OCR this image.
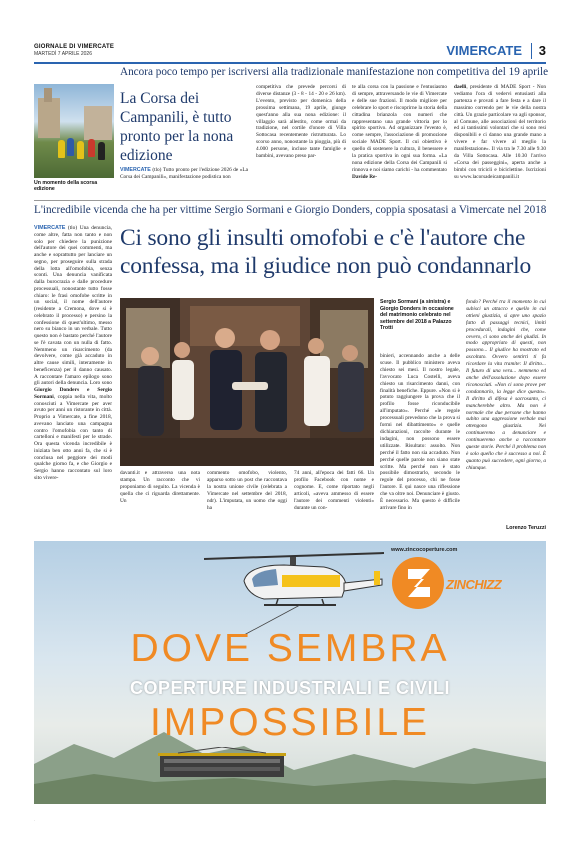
GIORNALE DI VIMERCATE
MARTEDÌ 7 APRILE 2026	VIMERCATE 3
Ancora poco tempo per iscriversi alla tradizionale manifestazione non competitiva del 19 aprile
Un momento della scorsa edizione
La Corsa dei Campanili, è tutto pronto per la nona edizione
VIMERCATE (tlo) Tutto pronto per l'edizione 2026 de «La Corsa dei Campanili», manifestazione podistica non
competitiva che prevede percorsi di diverse distanze (3 - 8 - 14 - 20 e 26 km). L'evento, previsto per domenica della prossima settimana, 19 aprile, giunge quest'anno alla sua nona edizione: il villaggio sarà allestito, come ormai da tradizione, nel cortile d'onore di Villa Sottocasa recentemente ristrutturata. Lo scorso anno, nonostante la pioggia, più di 4.000 persone, incluse tante famiglie e bambini, avevano preso par-
te alla corsa con la passione e l'entusiasmo di sempre, attraversando le vie di Vimercate e delle sue frazioni. Il modo migliore per celebrare lo sport e riscoprirne la storia della cittadina brianzola con numeri che rappresentano una grande vittoria per lo spirito sportivo. Ad organizzare l'evento è, come sempre, l'associazione di promozione sociale MADE Sport. Il cui obiettivo è quello di sostenere la cultura, il benessere e la pratica sportiva in ogni sua forma. «La nona edizione della Corsa dei Campanili si rinnova e noi siamo carichi - ha commentato Davide Re-
daelli, presidente di MADE Sport - Non vediamo l'ora di vedervi entusiasti alla partenza e provati a fare festa e a dare il massimo correndo per le vie della nostra città. Un grazie particolare va agli sponsor, al Comune, alle associazioni del territorio ed ai tantissimi volontari che si sono resi disponibili e ci danno una grande mano a vivere e far vivere al meglio la manifestazione». Il via tra le 7.30 alle 9.30 da Villa Sottocasa. Alle 10.30 l'arrivo «Corsa dei passeggini», aperta anche a bimbi con tricicli e biciclettine. Iscrizioni su www.lacorsadeicampanili.it
L'incredibile vicenda che ha per vittime Sergio Sormani e Giorgio Donders, coppia sposatasi a Vimercate nel 2018
VIMERCATE (tlo) Una denuncia, come altre, fatta non tanto e non solo per chiedere la punizione dell'autore dei quei commenti, ma anche e soprattutto per lanciare un segno, per proseguire sulla strada della lotta all'omofobia, senza sconti. Una denuncia vanificata dalla burocrazia e dalle procedure processuali, nonostante tutto fosse chiaro: le frasi omofobe scritte in un social, il nome dell'autore (residente a Cremona, dove si è celebrato il processo) e persino la confessione di quest'ultimo, messo nero su bianco in un verbale. Tutto questo non è bastato perché l'autore se l'è cavata con un nulla di fatto. Nemmeno un risarcimento (da devolvere, come già accaduto in altre cause simili, interamente in beneficenza) per il danno causato. A raccontare l'amaro epilogo sono gli autori della denuncia. Loro sono Giorgio Donders e Sergio Sormani, coppia nella vita, molto conosciuti a Vimercate per aver avuto per anni un ristorante in città. Proprio a Vimercate, a fine 2018, avevano lanciato una campagna contro l'omofobia con tanto di cartelloni e manifesti per le strade. Ora questa vicenda incredibile è iniziata ben otto anni fa, che si è conclusa nel peggiore dei modi qualche giorno fa, e che Giorgio e Sergio hanno raccontato sul loro sito vivere-
Ci sono gli insulti omofobi e c'è l'autore che confessa, ma il giudice non può condannarlo
Sergio Sormani (a sinistra) e Giorgio Donders in occasione del matrimonio celebrato nel settembre del 2018 a Palazzo Trotti
binieri, accennando anche a delle scuse. Il pubblico ministero aveva chiesto sei mesi. Il nostro legale, l'avvocato Luca Costelli, aveva chiesto un risarcimento danni, con finalità benefiche. Eppure. «Non si è potuto raggiungere la prova che il profilo fosse riconducibile all'imputato». Perché «le regole processuali prevedono che la prova si formi nel dibattimento» e quelle dichiarazioni, raccolte durante le indagini, non possono essere utilizzate. Risultato: assolto. Non perché il fatto non sia accaduto. Non perché quelle parole non siano state scritte. Ma perché non è stato possibile dimostrarlo, secondo le regole del processo, chi ne fosse l'autore. E qui nasce una riflessione che va oltre noi. Denunciare è giusto. È necessario. Ma questo è difficile arrivare fino in
fondo? Perché tra il momento in cui subisci un attacco e quello in cui ottieni giustizia, si apre uno spazio fatto di passaggi tecnici, limiti procedurali, indagini che, come ovvero, ci sono anche dei giudizi. In modo appropriato di questi, non possono... Il giudice ha mostrato ed ascoltato. Ovvero sentirti ti fa ricordare la vita tramite: Il diritto... Il futuro di una vera... nemmeno ed anche dell'assoluzione dopo essere riconosciuti. «Non ci sono prove per condannarlo, la legge dice questo». Il diritto di difesa è sacrosanto, ci mancherebbe altro. Ma non è normale che due persone che hanno subito una aggressione verbale mai ottengono giustizia. Nei continueremo a denunciare e continueremo anche a raccontare queste storie. Perché il problema non è solo quello che è successo a noi. È quanto può succedere, ogni giorno, a chiunque.
Lorenzo Teruzzi
davanti.it e attraverso una nota stampa. Un racconto che vi proponiamo di seguito. La vicenda è quella che ci riguarda direttamente. Un
commento omofobo, violento, apparso sotto un post che raccontava la nostra unione civile (celebrata a Vimercate nel settembre del 2018, ndr). L'imputata, un uomo che oggi ha
74 anni, all'epoca dei fatti 66. Un profilo Facebook con nome e cognome. E, come riportato negli articoli, «aveva ammesso di essere l'autore dei commenti violenti» durante un con-
www.zincocoperture.com
ZINCHIZZ
DOVE SEMBRA
COPERTURE INDUSTRIALI E CIVILI
IMPOSSIBILE
·
